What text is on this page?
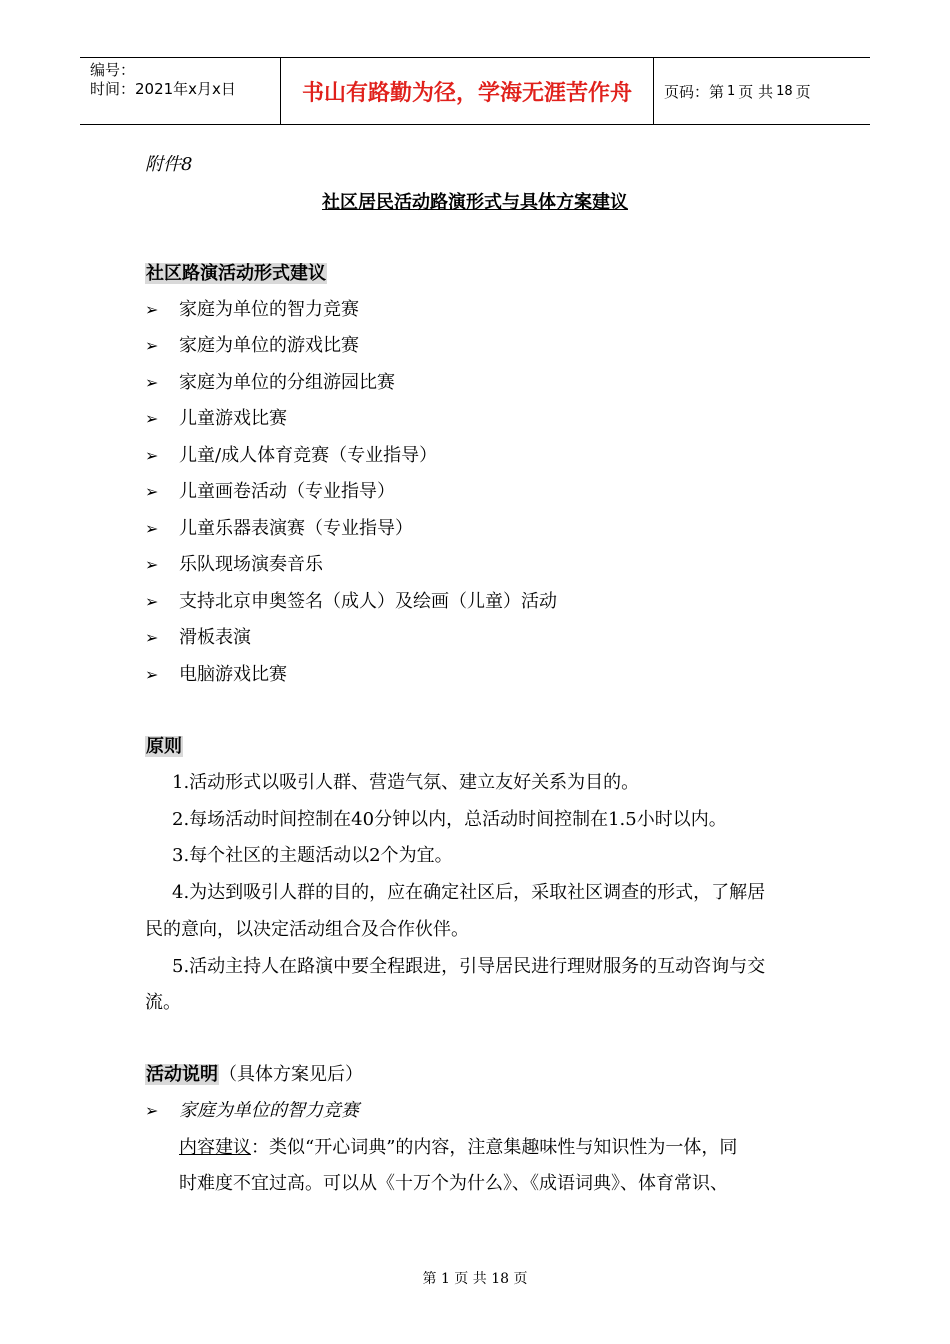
编号：
时间：2021年x月x日	书山有路勤为径，学海无涯苦作舟	页码：第 1 页 共 18 页
附件8
社区居民活动路演形式与具体方案建议
社区路演活动形式建议
➢ 家庭为单位的智力竞赛
➢ 家庭为单位的游戏比赛
➢ 家庭为单位的分组游园比赛
➢ 儿童游戏比赛
➢ 儿童/成人体育竞赛（专业指导）
➢ 儿童画卷活动（专业指导）
➢ 儿童乐器表演赛（专业指导）
➢ 乐队现场演奏音乐
➢ 支持北京申奥签名（成人）及绘画（儿童）活动
➢ 滑板表演
➢ 电脑游戏比赛
原则
1.活动形式以吸引人群、营造气氛、建立友好关系为目的。
2.每场活动时间控制在40分钟以内，总活动时间控制在1.5小时以内。
3.每个社区的主题活动以2个为宜。
4.为达到吸引人群的目的，应在确定社区后，采取社区调查的形式，了解居
民的意向，以决定活动组合及合作伙伴。
5.活动主持人在路演中要全程跟进，引导居民进行理财服务的互动咨询与交
流。
活动说明（具体方案见后）
➢ 家庭为单位的智力竞赛
内容建议：类似“开心词典”的内容，注意集趣味性与知识性为一体，同
时难度不宜过高。可以从《十万个为什么》、《成语词典》、体育常识、
第 1 页 共 18 页
